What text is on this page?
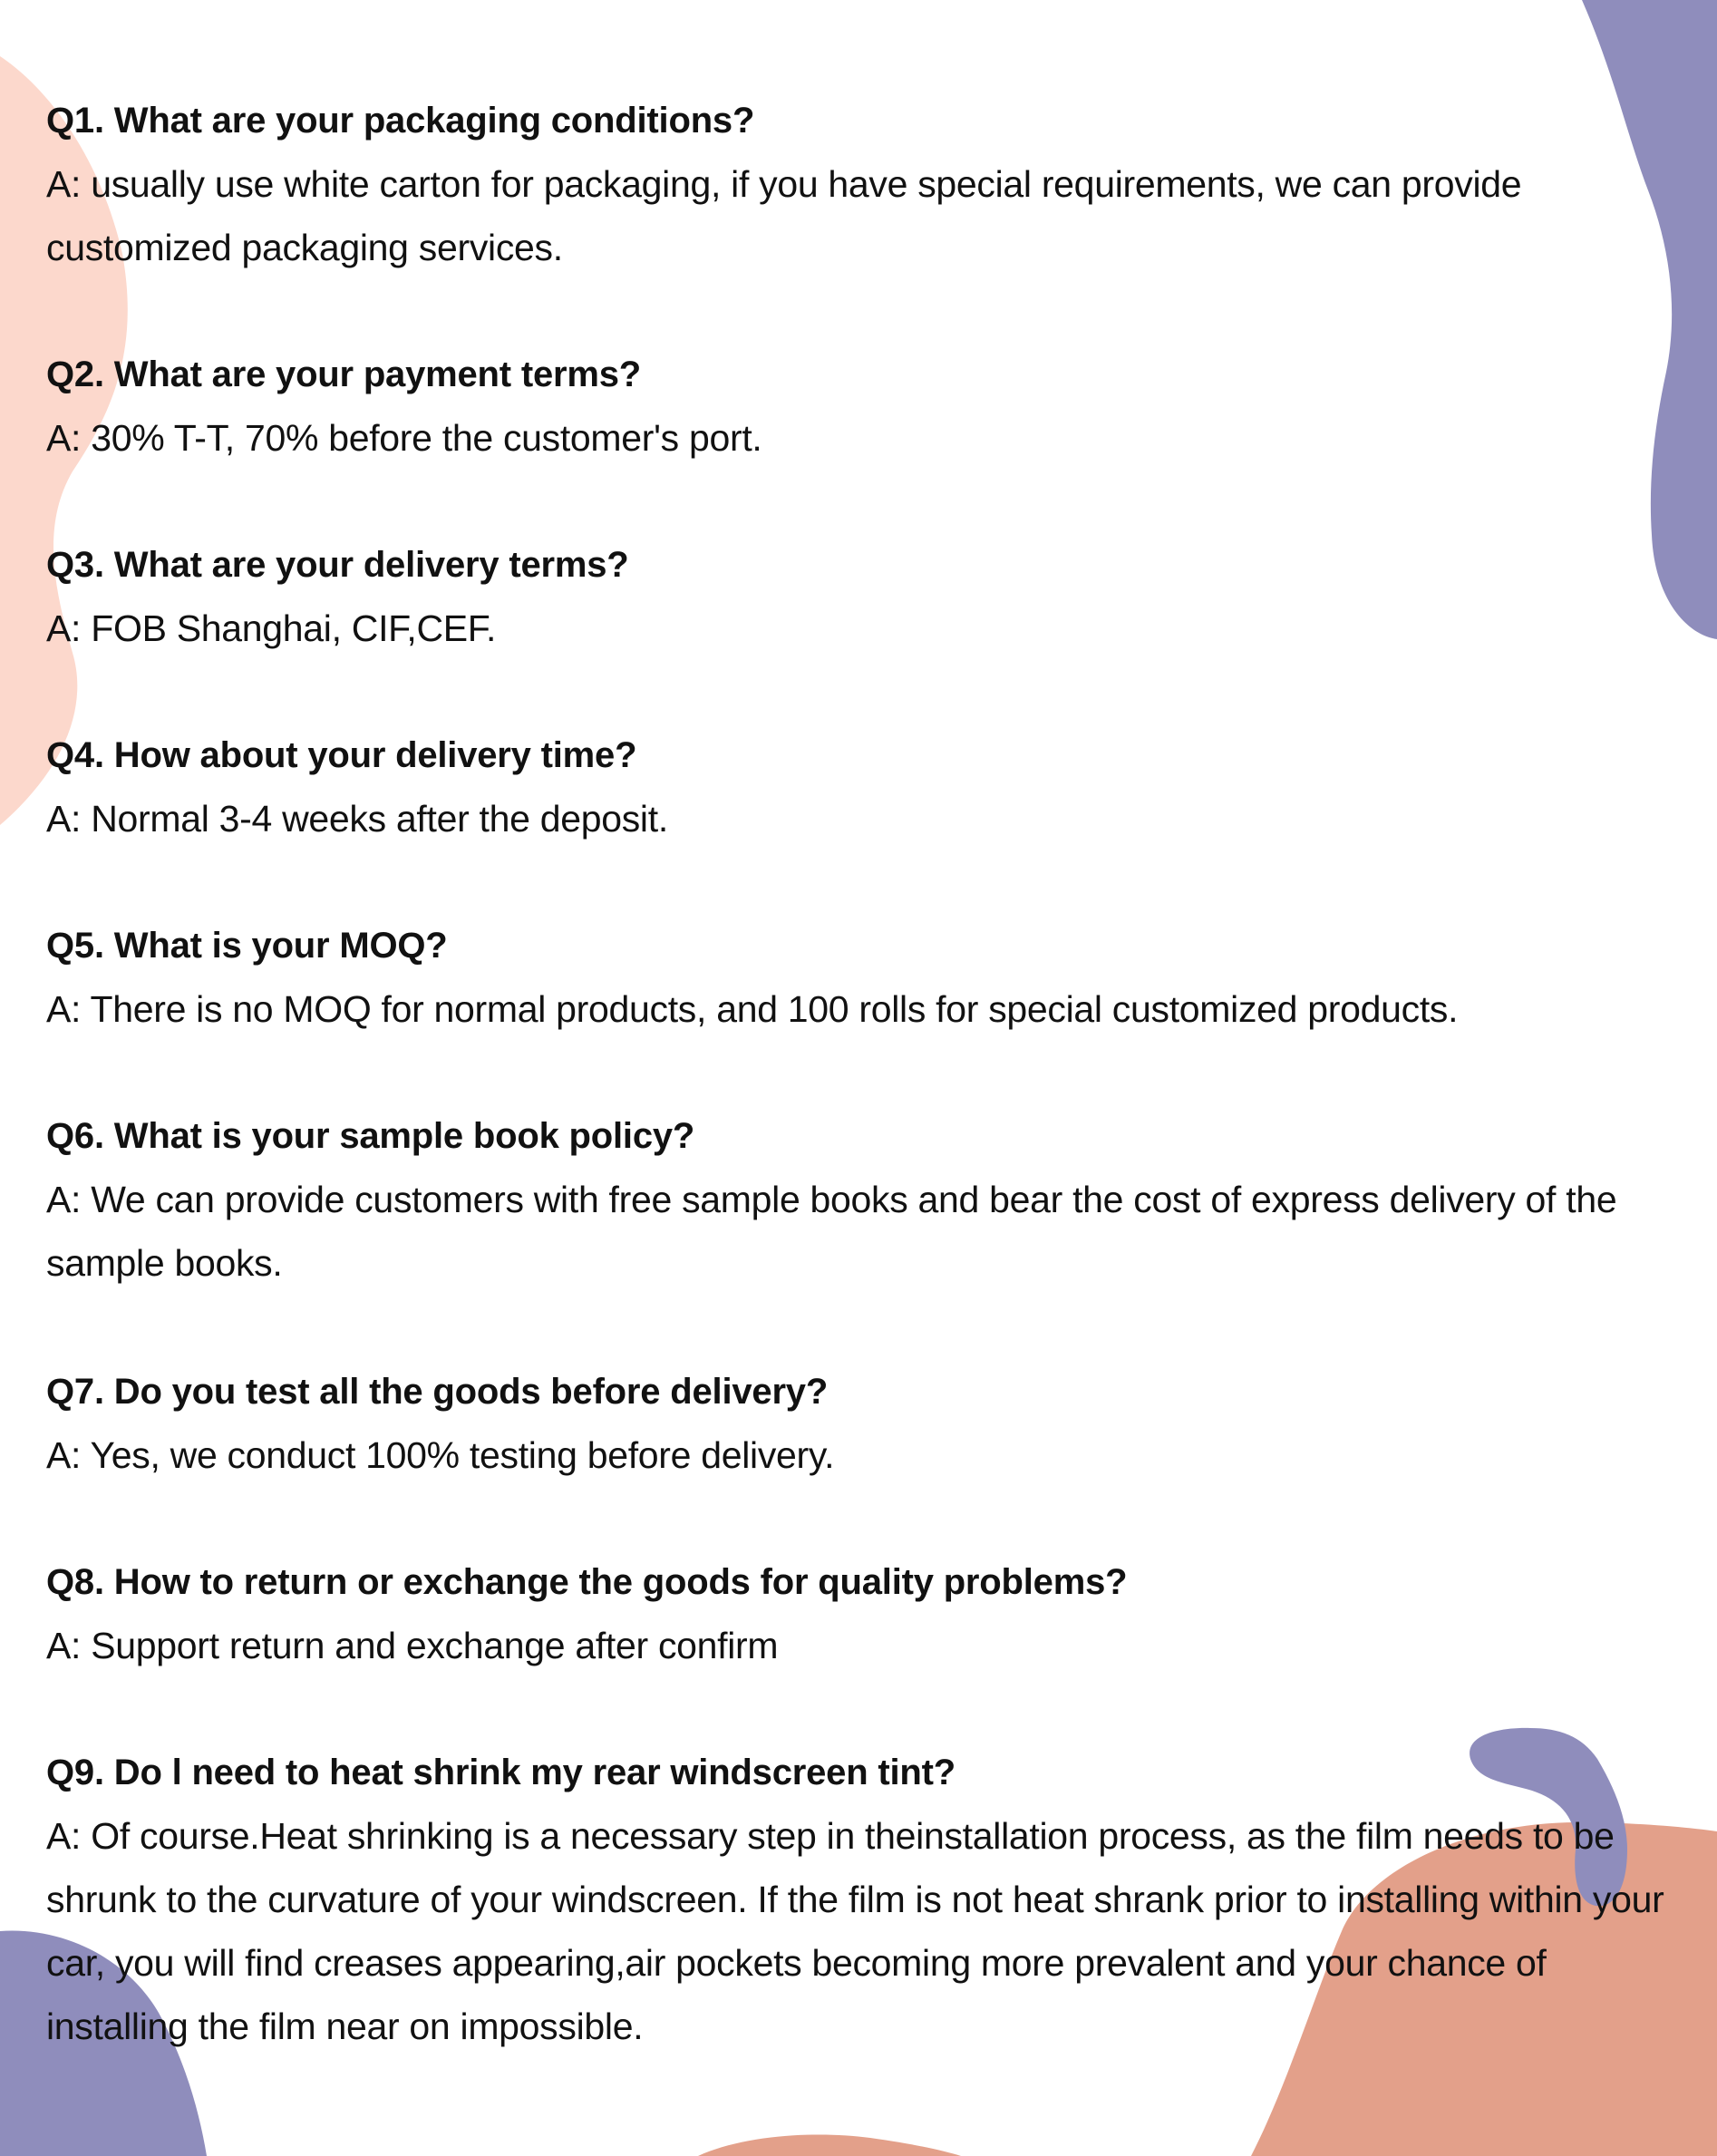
Q1. What are your packaging conditions?
A: usually use white carton for packaging, if you have special requirements, we can provide customized packaging services.
Q2. What are your payment terms?
A: 30% T-T, 70% before the customer's port.
Q3. What are your delivery terms?
A: FOB Shanghai, CIF,CEF.
Q4. How about your delivery time?
A: Normal 3-4 weeks after the deposit.
Q5. What is your MOQ?
A: There is no MOQ for normal products, and 100 rolls for special customized products.
Q6. What is your sample book policy?
A: We can provide customers with free sample books and bear the cost of express delivery of the sample books.
Q7. Do you test all the goods before delivery?
A: Yes, we conduct 100% testing before delivery.
Q8. How to return or exchange the goods for quality problems?
A: Support return and exchange after confirm
Q9. Do l need to heat shrink my rear windscreen tint?
A: Of course.Heat shrinking is a necessary step in theinstallation process, as the film needs to be shrunk to the curvature of your windscreen. If the film is not heat shrank prior to installing within your car, you will find creases appearing,air pockets becoming more prevalent and your chance of installing the film near on impossible.
